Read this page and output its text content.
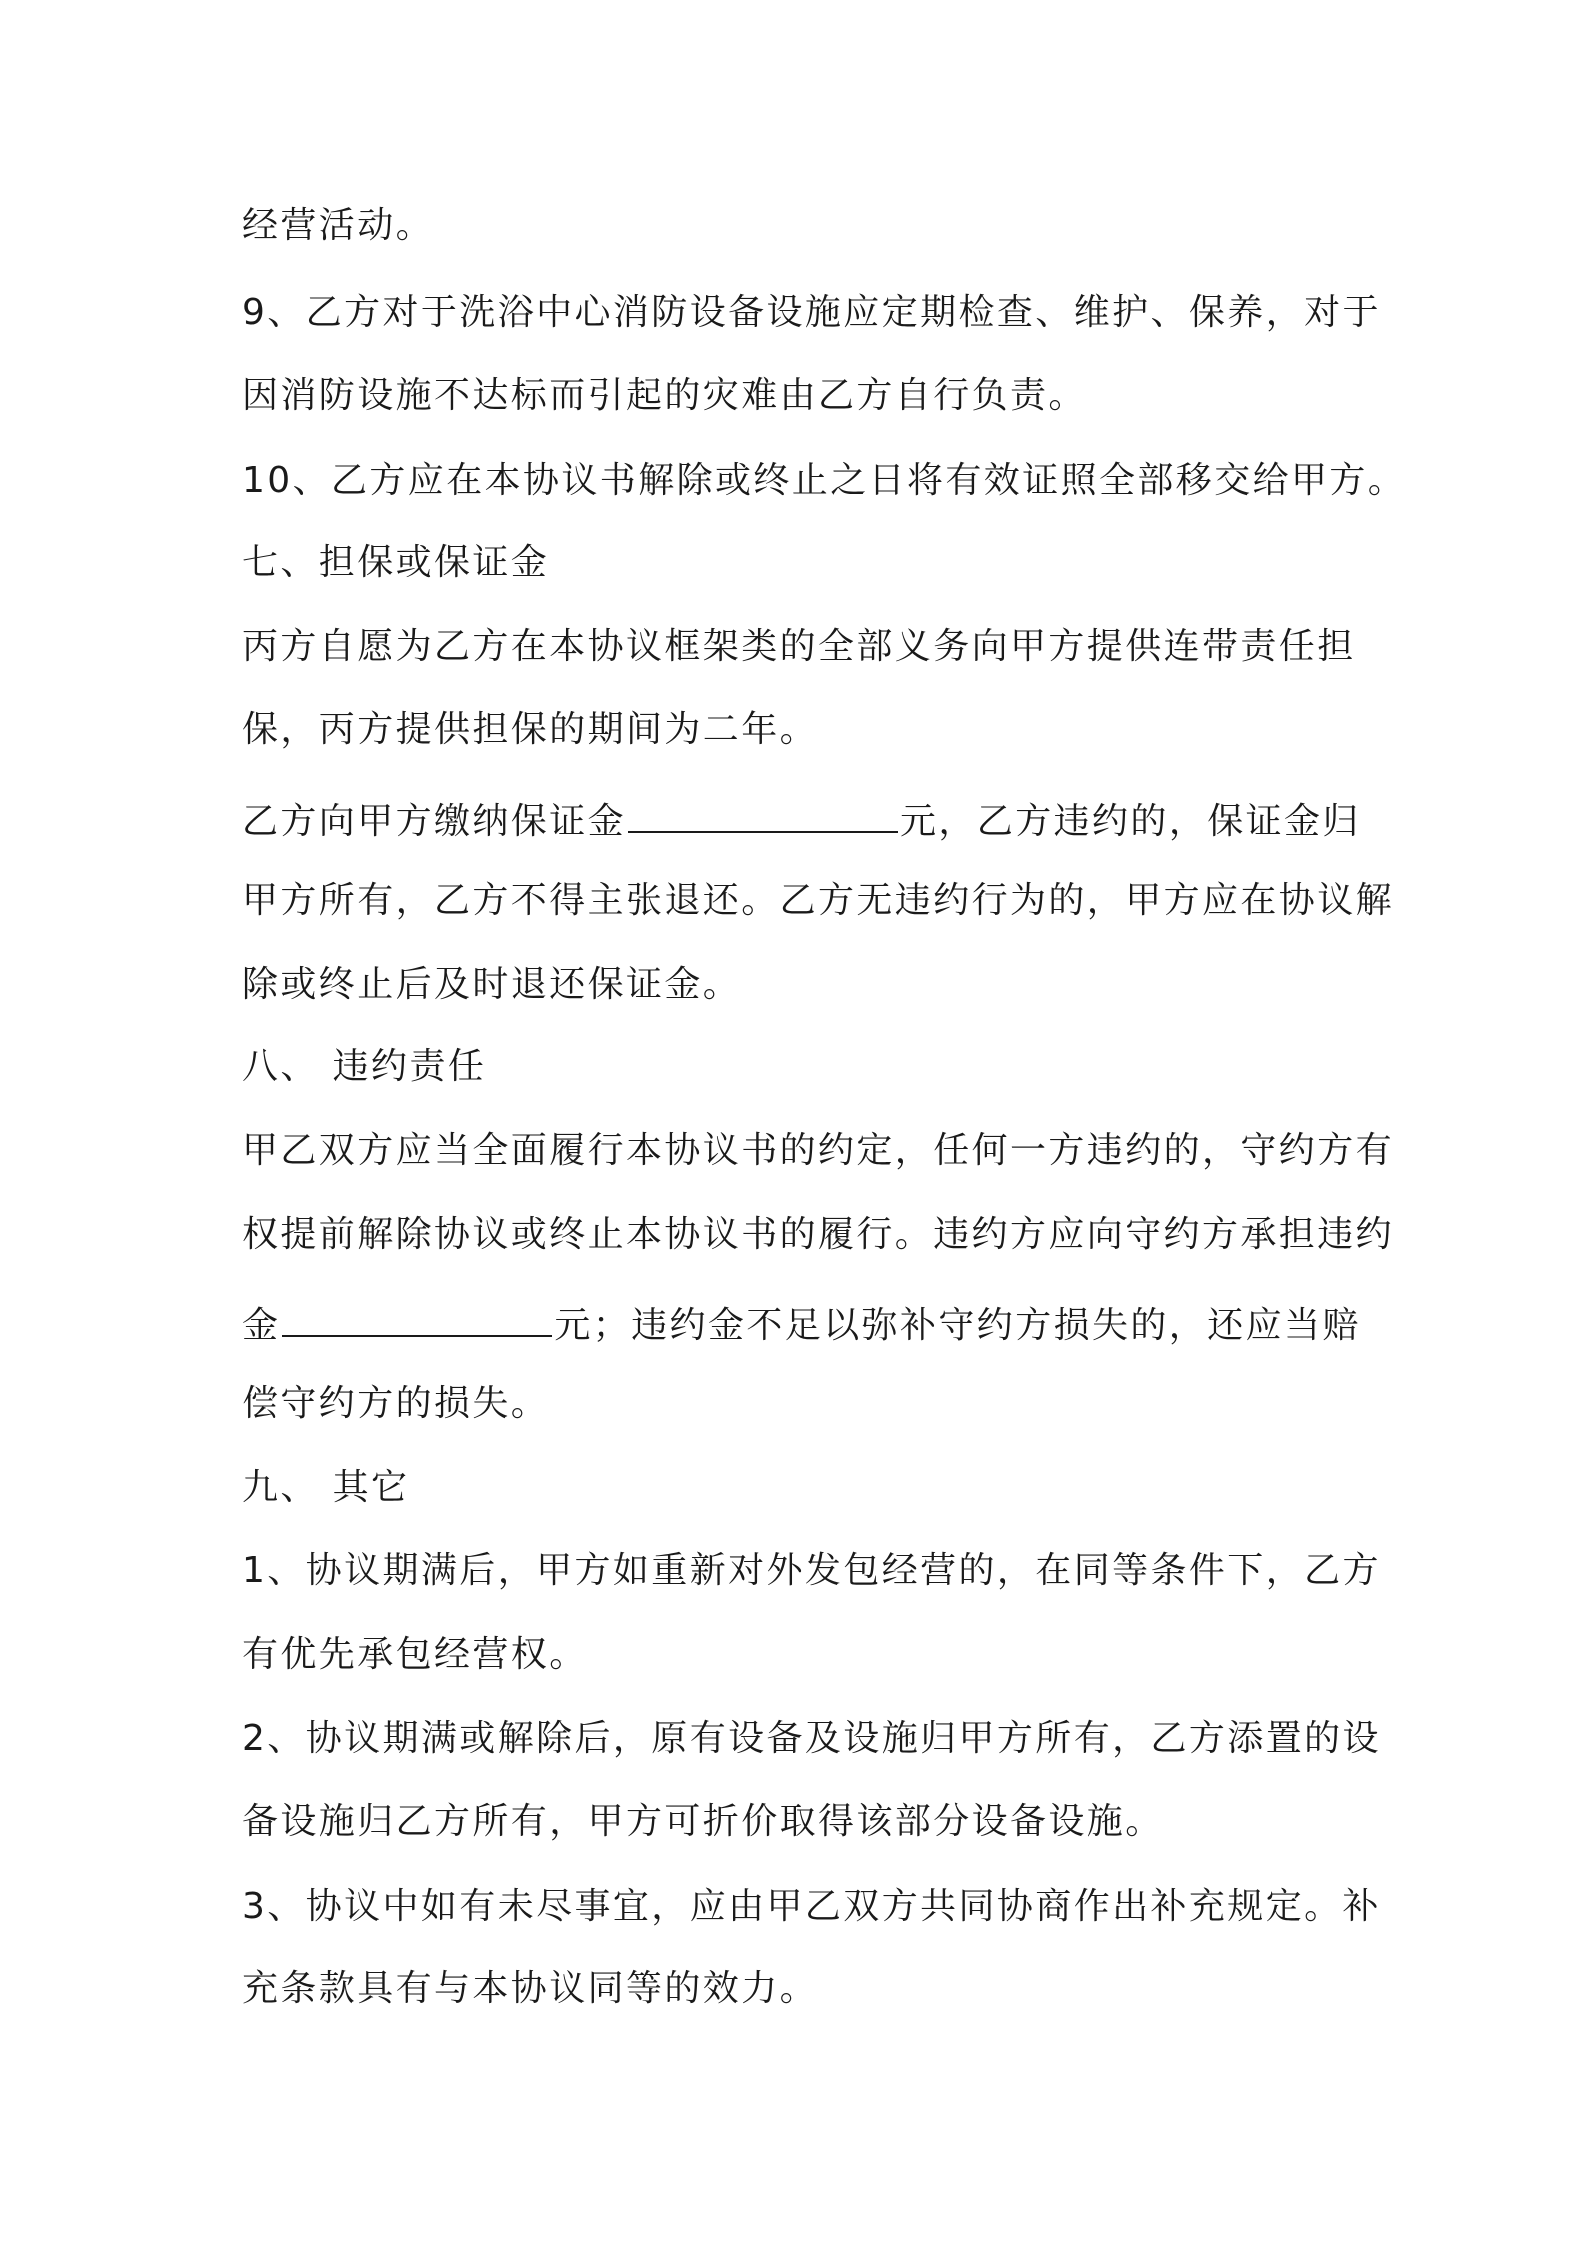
经营活动。
9、乙方对于洗浴中心消防设备设施应定期检查、维护、保养，对于
因消防设施不达标而引起的灾难由乙方自行负责。
10、乙方应在本协议书解除或终止之日将有效证照全部移交给甲方。
七、担保或保证金
丙方自愿为乙方在本协议框架类的全部义务向甲方提供连带责任担
保，丙方提供担保的期间为二年。
乙方向甲方缴纳保证金	元，乙方违约的，保证金归
甲方所有，乙方不得主张退还。乙方无违约行为的，甲方应在协议解
除或终止后及时退还保证金。
八、 违约责任
甲乙双方应当全面履行本协议书的约定，任何一方违约的，守约方有
权提前解除协议或终止本协议书的履行。违约方应向守约方承担违约
金	元；违约金不足以弥补守约方损失的，还应当赔
偿守约方的损失。
九、 其它
1、协议期满后，甲方如重新对外发包经营的，在同等条件下，乙方
有优先承包经营权。
2、协议期满或解除后，原有设备及设施归甲方所有，乙方添置的设
备设施归乙方所有，甲方可折价取得该部分设备设施。
3、协议中如有未尽事宜，应由甲乙双方共同协商作出补充规定。补
充条款具有与本协议同等的效力。
